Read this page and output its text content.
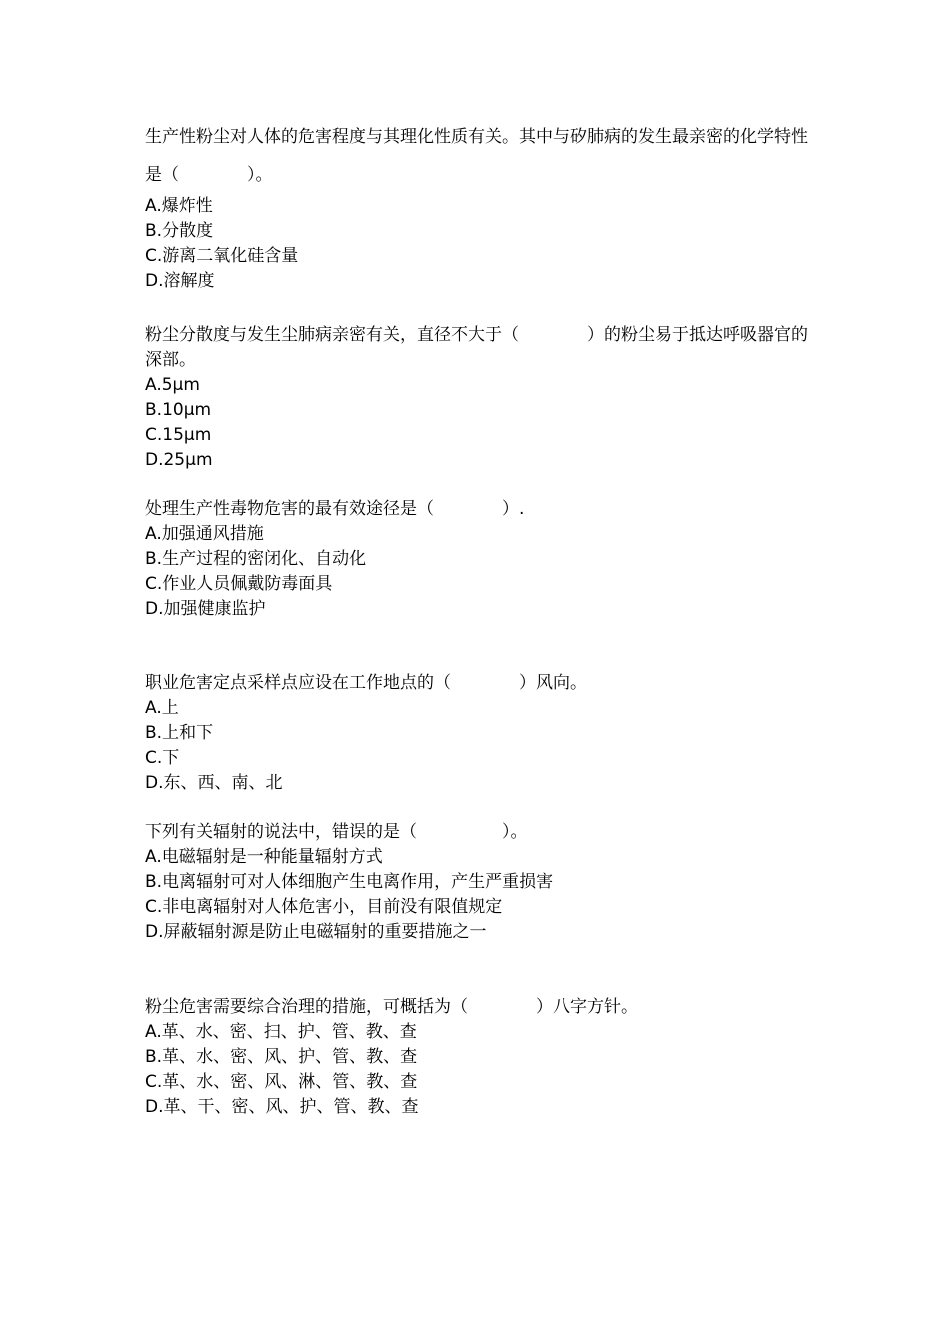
生产性粉尘对人体的危害程度与其理化性质有关。其中与矽肺病的发生最亲密的化学特性是（　　　　）。

A.爆炸性

B.分散度

C.游离二氧化硅含量

D.溶解度

粉尘分散度与发生尘肺病亲密有关，直径不大于（　　　　）的粉尘易于抵达呼吸器官的深部。

A.5μm

B.10μm

C.15μm

D.25μm

处理生产性毒物危害的最有效途径是（　　　　）.

A.加强通风措施

B.生产过程的密闭化、自动化

C.作业人员佩戴防毒面具

D.加强健康监护

职业危害定点采样点应设在工作地点的（　　　　）风向。

A.上

B.上和下

C.下

D.东、西、南、北

下列有关辐射的说法中，错误的是（　　　　　）。

A.电磁辐射是一种能量辐射方式

B.电离辐射可对人体细胞产生电离作用，产生严重损害

C.非电离辐射对人体危害小，目前没有限值规定

D.屏蔽辐射源是防止电磁辐射的重要措施之一

粉尘危害需要综合治理的措施，可概括为（　　　　）八字方针。

A.革、水、密、扫、护、管、教、查

B.革、水、密、风、护、管、教、查

C.革、水、密、风、淋、管、教、查

D.革、干、密、风、护、管、教、查
